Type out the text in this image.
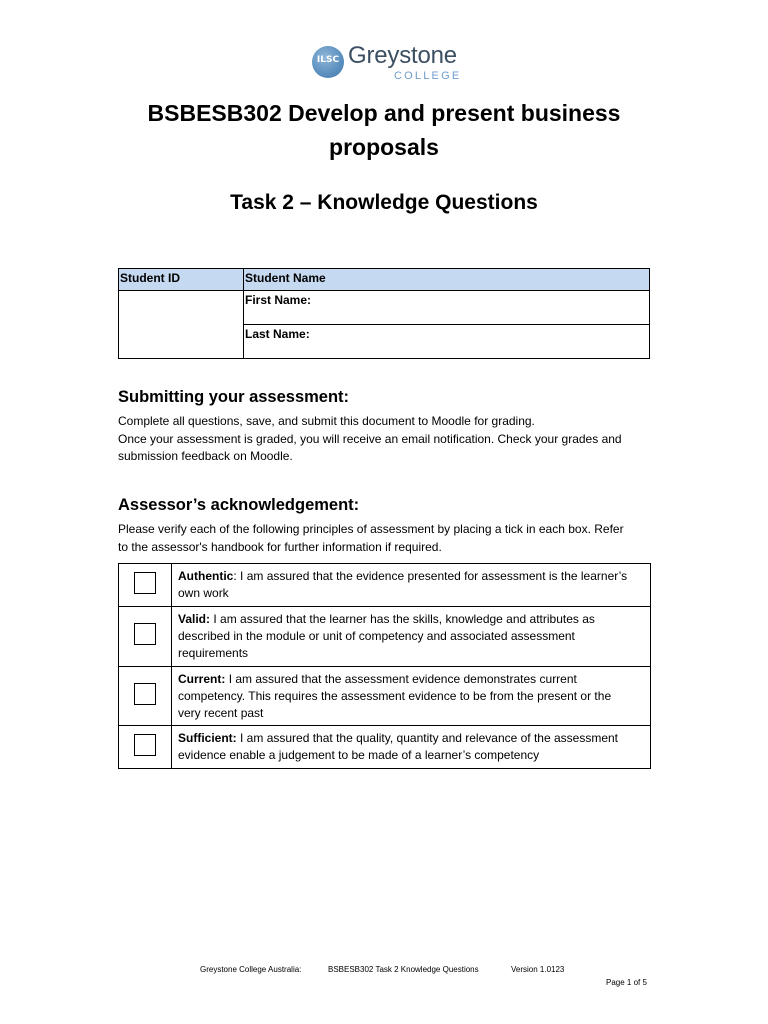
ILSC Greystone
COLLEGE
BSBESB302 Develop and present business
proposals
Task 2 – Knowledge Questions
Student ID	Student Name
	First Name:
	Last Name:
Submitting your assessment:
Complete all questions, save, and submit this document to Moodle for grading.
Once your assessment is graded, you will receive an email notification. Check your grades and
submission feedback on Moodle.
Assessor’s acknowledgement:
Please verify each of the following principles of assessment by placing a tick in each box. Refer
to the assessor's handbook for further information if required.
	Authentic: I am assured that the evidence presented for assessment is the learner’s
own work
	Valid: I am assured that the learner has the skills, knowledge and attributes as
described in the module or unit of competency and associated assessment
requirements
	Current: I am assured that the assessment evidence demonstrates current
competency. This requires the assessment evidence to be from the present or the
very recent past
	Sufficient: I am assured that the quality, quantity and relevance of the assessment
evidence enable a judgement to be made of a learner’s competency
Greystone College Australia:	BSBESB302 Task 2 Knowledge Questions	Version 1.0123
Page 1 of 5
